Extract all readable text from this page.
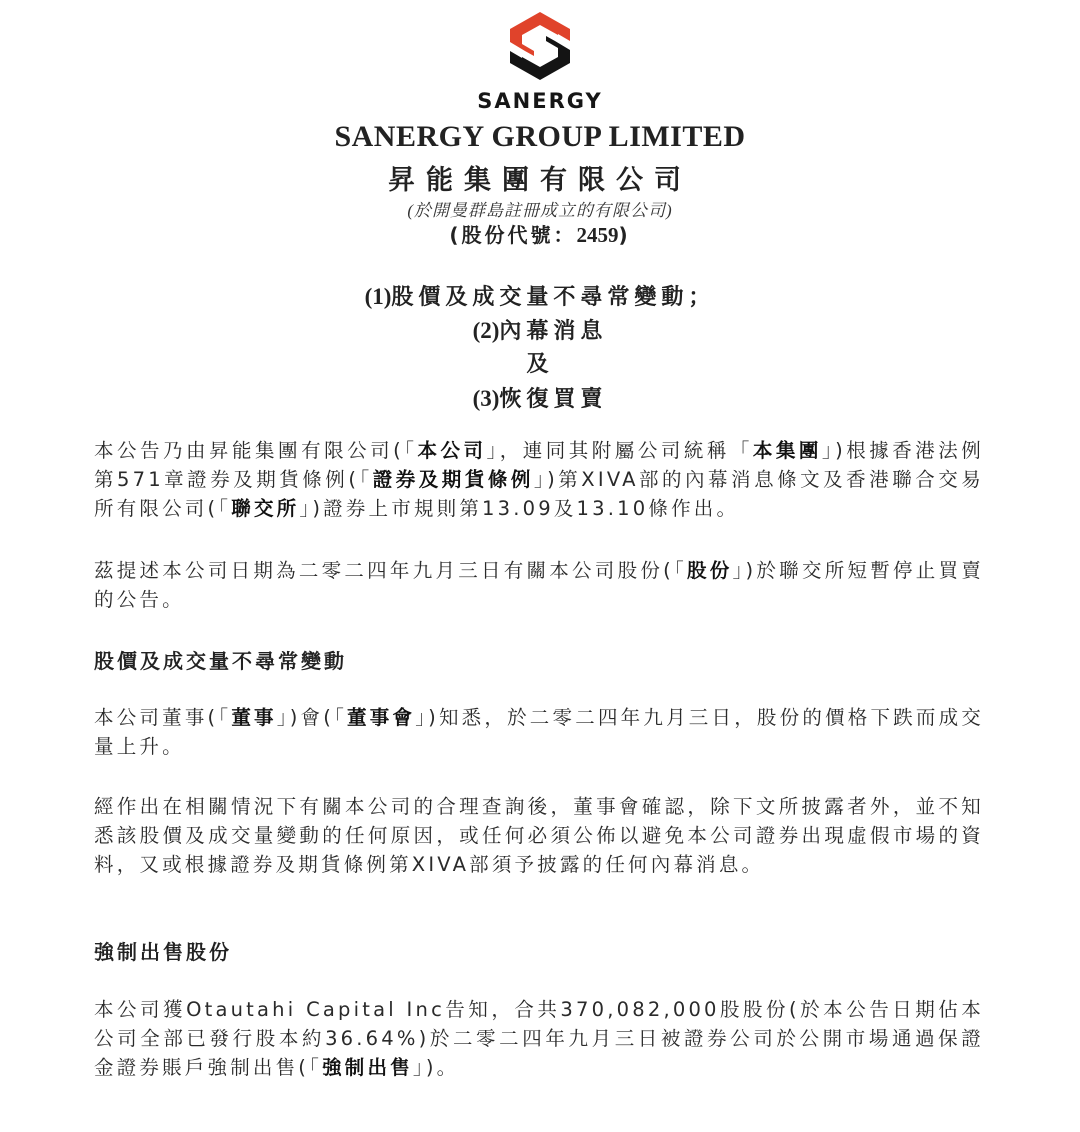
SANERGY
SANERGY GROUP LIMITED
昇能集團有限公司
(於開曼群島註冊成立的有限公司)
(股份代號：2459)
(1)股價及成交量不尋常變動；
(2)內幕消息
及
(3)恢復買賣

本公告乃由昇能集團有限公司(「本公司」，連同其附屬公司統稱「本集團」)根據香港法例第571章證券及期貨條例(「證券及期貨條例」)第XIVA部的內幕消息條文及香港聯合交易所有限公司(「聯交所」)證券上市規則第13.09及13.10條作出。

茲提述本公司日期為二零二四年九月三日有關本公司股份(「股份」)於聯交所短暫停止買賣的公告。

股價及成交量不尋常變動

本公司董事(「董事」)會(「董事會」)知悉，於二零二四年九月三日，股份的價格下跌而成交量上升。

經作出在相關情況下有關本公司的合理查詢後，董事會確認，除下文所披露者外，並不知悉該股價及成交量變動的任何原因，或任何必須公佈以避免本公司證券出現虛假市場的資料，又或根據證券及期貨條例第XIVA部須予披露的任何內幕消息。

強制出售股份

本公司獲Otautahi Capital Inc告知，合共370,082,000股股份(於本公告日期佔本公司全部已發行股本約36.64%)於二零二四年九月三日被證券公司於公開市場通過保證金證券賬戶強制出售(「強制出售」)。
